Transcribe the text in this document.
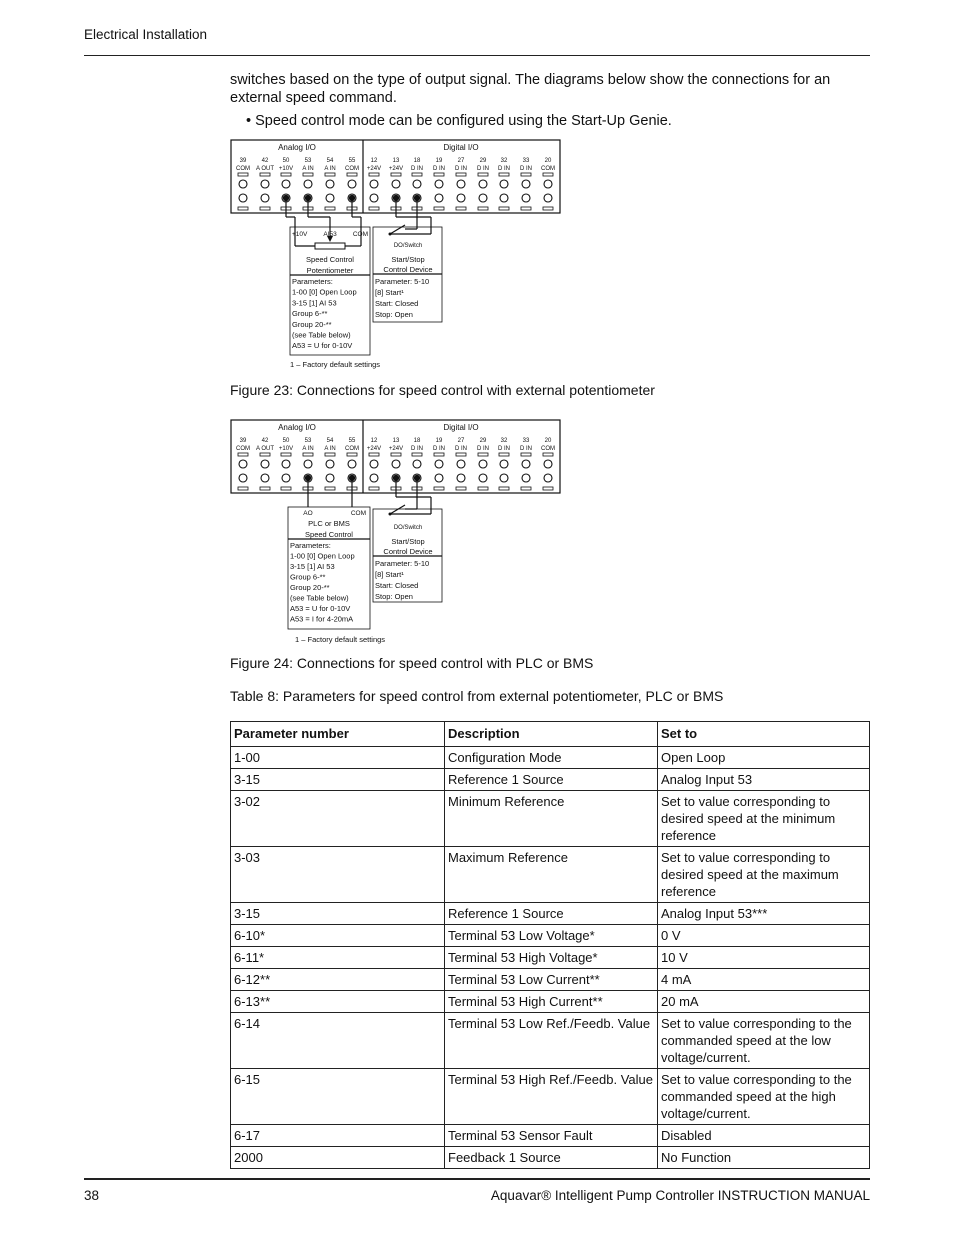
Electrical Installation
switches based on the type of output signal. The diagrams below show the connections for an external speed command.
• Speed control mode can be configured using the Start-Up Genie.
Analog I/O	Digital I/O
39
COM
42
A OUT
50
+10V
53
A IN
54
A IN
55
COM
12
+24V
13
+24V
18
D IN
19
D IN
27
D IN
29
D IN
32
D IN
33
D IN
20
COM
+10V AI53 COM
Speed Control
Potentiometer
Parameters:
1-00 [0] Open Loop
3-15 [1] AI 53
Group 6-**
Group 20-**
(see Table below)
A53 = U for 0-10V
DO/Switch
Start/Stop
Control Device
Parameter: 5-10
[8] Start¹
Start: Closed
Stop: Open
1 – Factory default settings
Figure 23: Connections for speed control with external potentiometer
Analog I/O	Digital I/O
39
COM
42
A OUT
50
+10V
53
A IN
54
A IN
55
COM
12
+24V
13
+24V
18
D IN
19
D IN
27
D IN
29
D IN
32
D IN
33
D IN
20
COM
AO	COM
PLC or BMS
Speed Control
Parameters:
1-00 [0] Open Loop
3-15 [1] AI 53
Group 6-**
Group 20-**
(see Table below)
A53 = U for 0-10V
A53 = I for 4-20mA
DO/Switch
Start/Stop
Control Device
Parameter: 5-10
[8] Start¹
Start: Closed
Stop: Open
1 – Factory default settings
Figure 24: Connections for speed control with PLC or BMS
Table 8: Parameters for speed control from external potentiometer, PLC or BMS
Parameter number	Description	Set to
1-00	Configuration Mode	Open Loop
3-15	Reference 1 Source	Analog Input 53
3-02	Minimum Reference	Set to value corresponding to desired speed at the minimum reference
3-03	Maximum Reference	Set to value corresponding to desired speed at the maximum reference
3-15	Reference 1 Source	Analog Input 53***
6-10*	Terminal 53 Low Voltage*	0 V
6-11*	Terminal 53 High Voltage*	10 V
6-12**	Terminal 53 Low Current**	4 mA
6-13**	Terminal 53 High Current**	20 mA
6-14	Terminal 53 Low Ref./Feedb. Value	Set to value corresponding to the commanded speed at the low voltage/current.
6-15	Terminal 53 High Ref./Feedb. Value	Set to value corresponding to the commanded speed at the high voltage/current.
6-17	Terminal 53 Sensor Fault	Disabled
2000	Feedback 1 Source	No Function
38	Aquavar® Intelligent Pump Controller INSTRUCTION MANUAL
